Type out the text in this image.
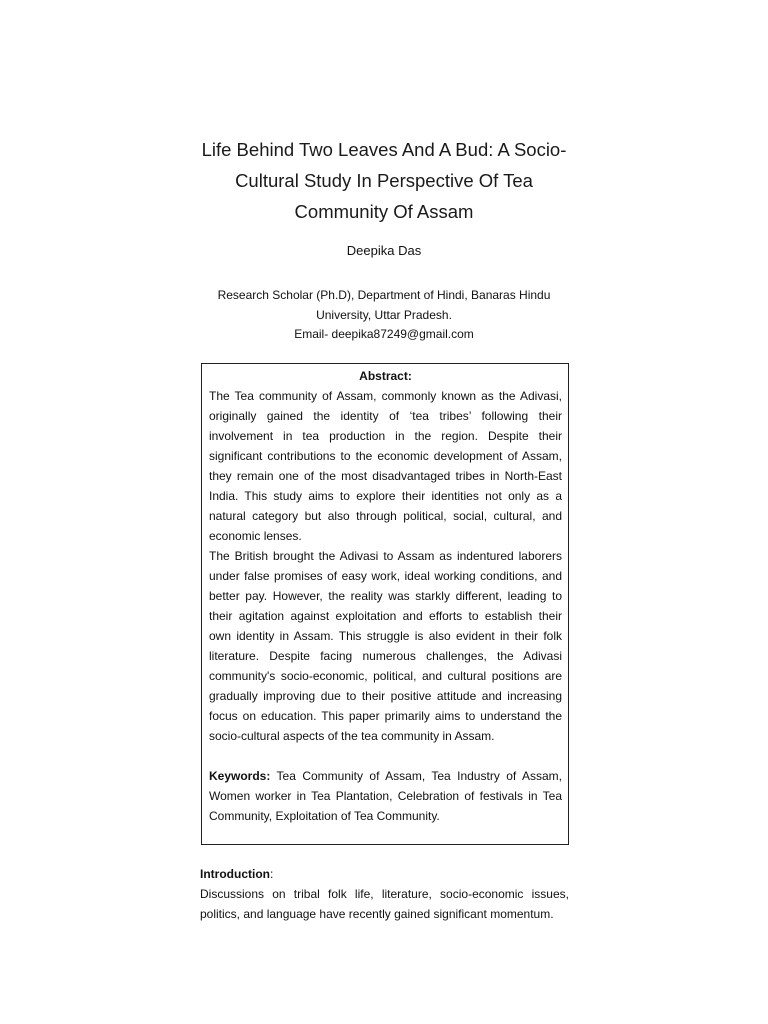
Life Behind Two Leaves And A Bud: A Socio-
Cultural Study In Perspective Of Tea
Community Of Assam

Deepika Das

Research Scholar (Ph.D), Department of Hindi, Banaras Hindu
University, Uttar Pradesh.
Email- deepika87249@gmail.com

Abstract:

The Tea community of Assam, commonly known as the Adivasi, originally gained the identity of ‘tea tribes’ following their involvement in tea production in the region. Despite their significant contributions to the economic development of Assam, they remain one of the most disadvantaged tribes in North-East India. This study aims to explore their identities not only as a natural category but also through political, social, cultural, and economic lenses.

The British brought the Adivasi to Assam as indentured laborers under false promises of easy work, ideal working conditions, and better pay. However, the reality was starkly different, leading to their agitation against exploitation and efforts to establish their own identity in Assam. This struggle is also evident in their folk literature. Despite facing numerous challenges, the Adivasi community's socio-economic, political, and cultural positions are gradually improving due to their positive attitude and increasing focus on education. This paper primarily aims to understand the socio-cultural aspects of the tea community in Assam.

Keywords: Tea Community of Assam, Tea Industry of Assam, Women worker in Tea Plantation, Celebration of festivals in Tea Community, Exploitation of Tea Community.

Introduction:

Discussions on tribal folk life, literature, socio-economic issues, politics, and language have recently gained significant momentum.
